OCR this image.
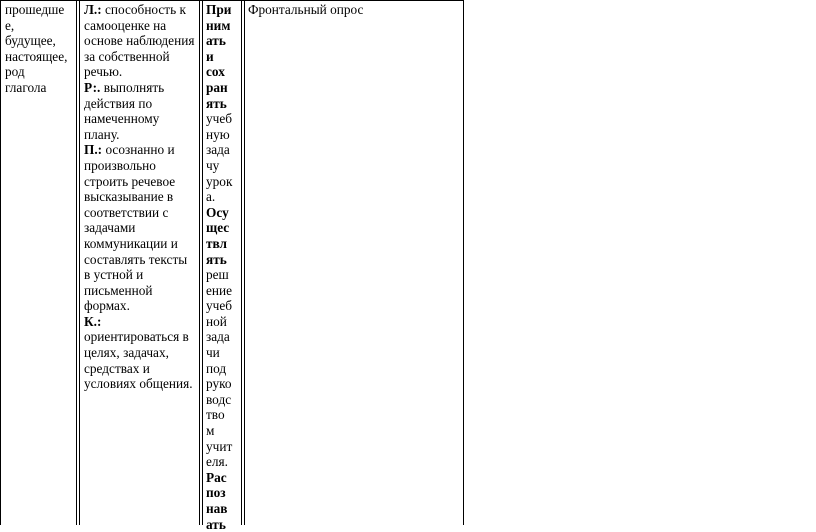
прошедше
е,
будущее,
настоящее,
род
глагола
Л.: способность к
самооценке на
основе наблюдения
за собственной
речью.
Р:. выполнять
действия по
намеченному
плану.
П.: осознанно и
произвольно
строить речевое
высказывание в
соответствии с
задачами
коммуникации и
составлять тексты
в устной и
письменной
формах.
К.: ориентироваться в
целях, задачах,
средствах и
условиях общения.
При
ним
ать
и
сох
ран
ять
учеб
ную
зада
чу
урок
а.
Осу
щес
твл
ять
реш
ение
учеб
ной
зада
чи
под
руко
водс
тво
м
учит
еля.
Рас
поз
нав
ать
Фронтальный опрос
